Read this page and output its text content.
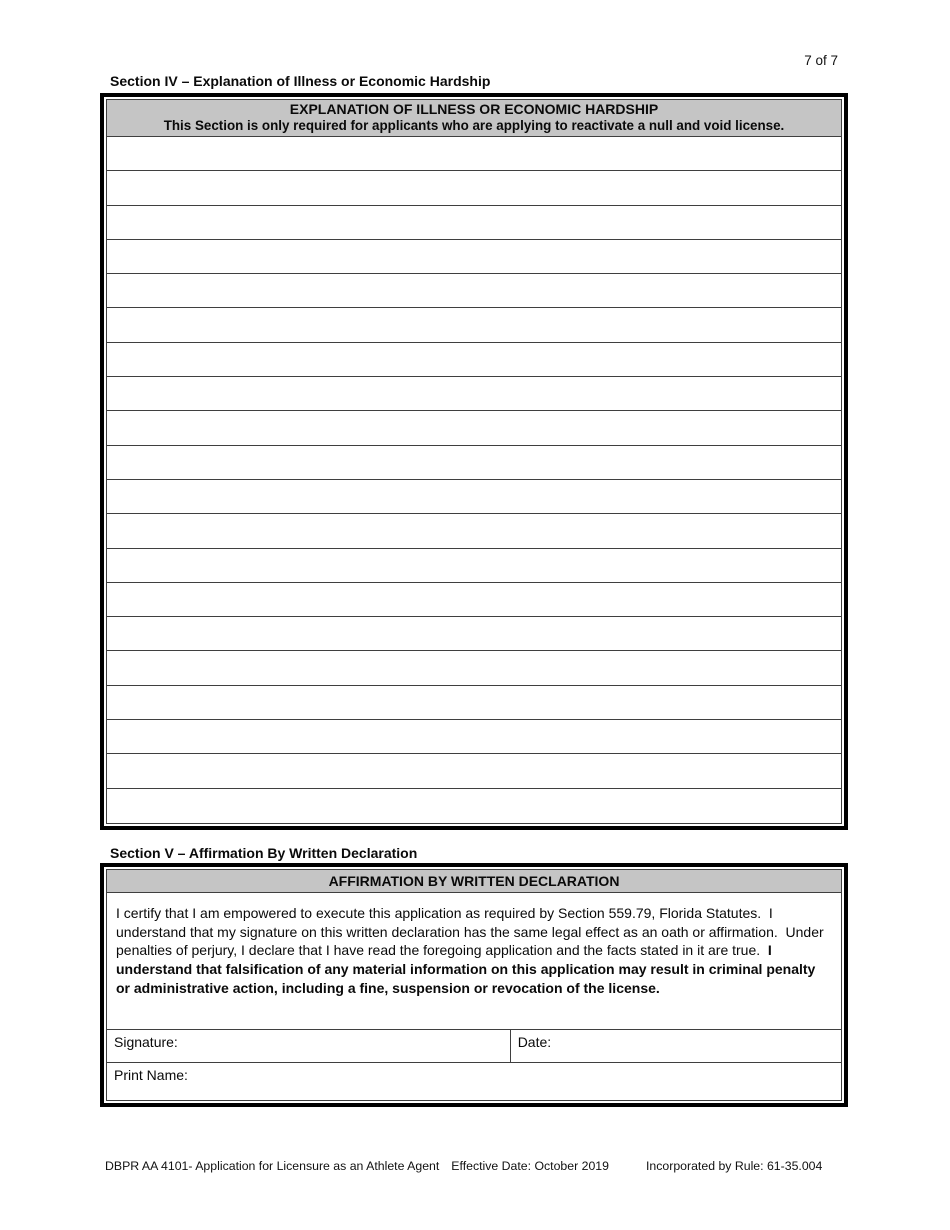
7 of 7
Section IV – Explanation of Illness or Economic Hardship
EXPLANATION OF ILLNESS OR ECONOMIC HARDSHIP
This Section is only required for applicants who are applying to reactivate a null and void license.
Section V – Affirmation By Written Declaration
AFFIRMATION BY WRITTEN DECLARATION
I certify that I am empowered to execute this application as required by Section 559.79, Florida Statutes.  I understand that my signature on this written declaration has the same legal effect as an oath or affirmation.  Under penalties of perjury, I declare that I have read the foregoing application and the facts stated in it are true.  I understand that falsification of any material information on this application may result in criminal penalty or administrative action, including a fine, suspension or revocation of the license.
Signature:	Date:
Print Name:
DBPR AA 4101- Application for Licensure as an Athlete Agent Effective Date: October 2019	Incorporated by Rule: 61-35.004
